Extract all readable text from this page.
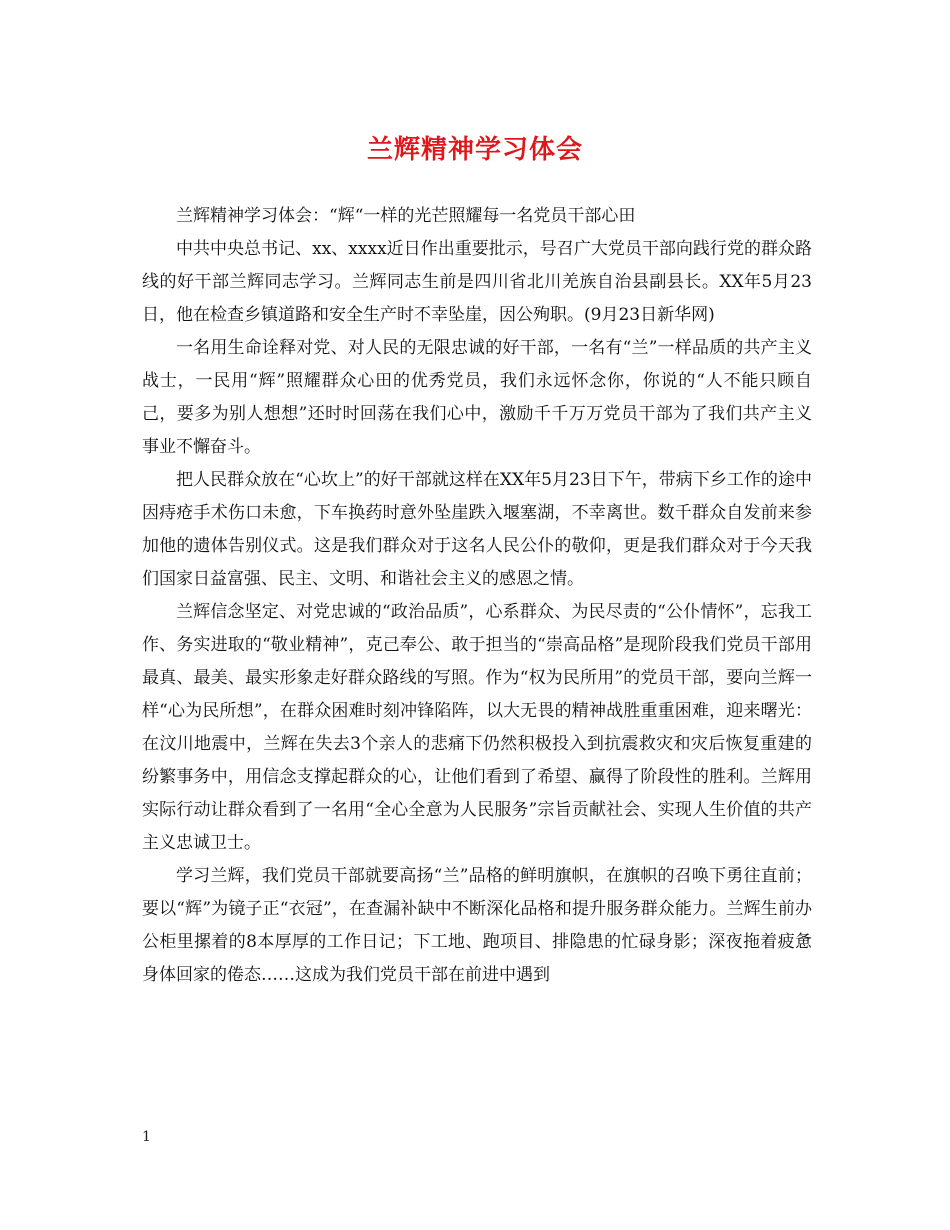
兰辉精神学习体会

兰辉精神学习体会：“辉“一样的光芒照耀每一名党员干部心田

中共中央总书记、xx、xxxx近日作出重要批示，号召广大党员干部向践行党的群众路线的好干部兰辉同志学习。兰辉同志生前是四川省北川羌族自治县副县长。XX年5月23日，他在检查乡镇道路和安全生产时不幸坠崖，因公殉职。(9月23日新华网)

一名用生命诠释对党、对人民的无限忠诚的好干部，一名有“兰”一样品质的共产主义战士，一民用“辉”照耀群众心田的优秀党员，我们永远怀念你，你说的“人不能只顾自己，要多为别人想想”还时时回荡在我们心中，激励千千万万党员干部为了我们共产主义事业不懈奋斗。

把人民群众放在“心坎上”的好干部就这样在XX年5月23日下午，带病下乡工作的途中因痔疮手术伤口未愈，下车换药时意外坠崖跌入堰塞湖，不幸离世。数千群众自发前来参加他的遗体告别仪式。这是我们群众对于这名人民公仆的敬仰，更是我们群众对于今天我们国家日益富强、民主、文明、和谐社会主义的感恩之情。

兰辉信念坚定、对党忠诚的“政治品质”，心系群众、为民尽责的“公仆情怀”，忘我工作、务实进取的“敬业精神”，克己奉公、敢于担当的“崇高品格”是现阶段我们党员干部用最真、最美、最实形象走好群众路线的写照。作为“权为民所用”的党员干部，要向兰辉一样“心为民所想”，在群众困难时刻冲锋陷阵，以大无畏的精神战胜重重困难，迎来曙光：在汶川地震中，兰辉在失去3个亲人的悲痛下仍然积极投入到抗震救灾和灾后恢复重建的纷繁事务中，用信念支撑起群众的心，让他们看到了希望、赢得了阶段性的胜利。兰辉用实际行动让群众看到了一名用“全心全意为人民服务”宗旨贡献社会、实现人生价值的共产主义忠诚卫士。

学习兰辉，我们党员干部就要高扬“兰”品格的鲜明旗帜，在旗帜的召唤下勇往直前；要以“辉”为镜子正“衣冠”，在查漏补缺中不断深化品格和提升服务群众能力。兰辉生前办公柜里摞着的8本厚厚的工作日记；下工地、跑项目、排隐患的忙碌身影；深夜拖着疲惫身体回家的倦态……这成为我们党员干部在前进中遇到

1
